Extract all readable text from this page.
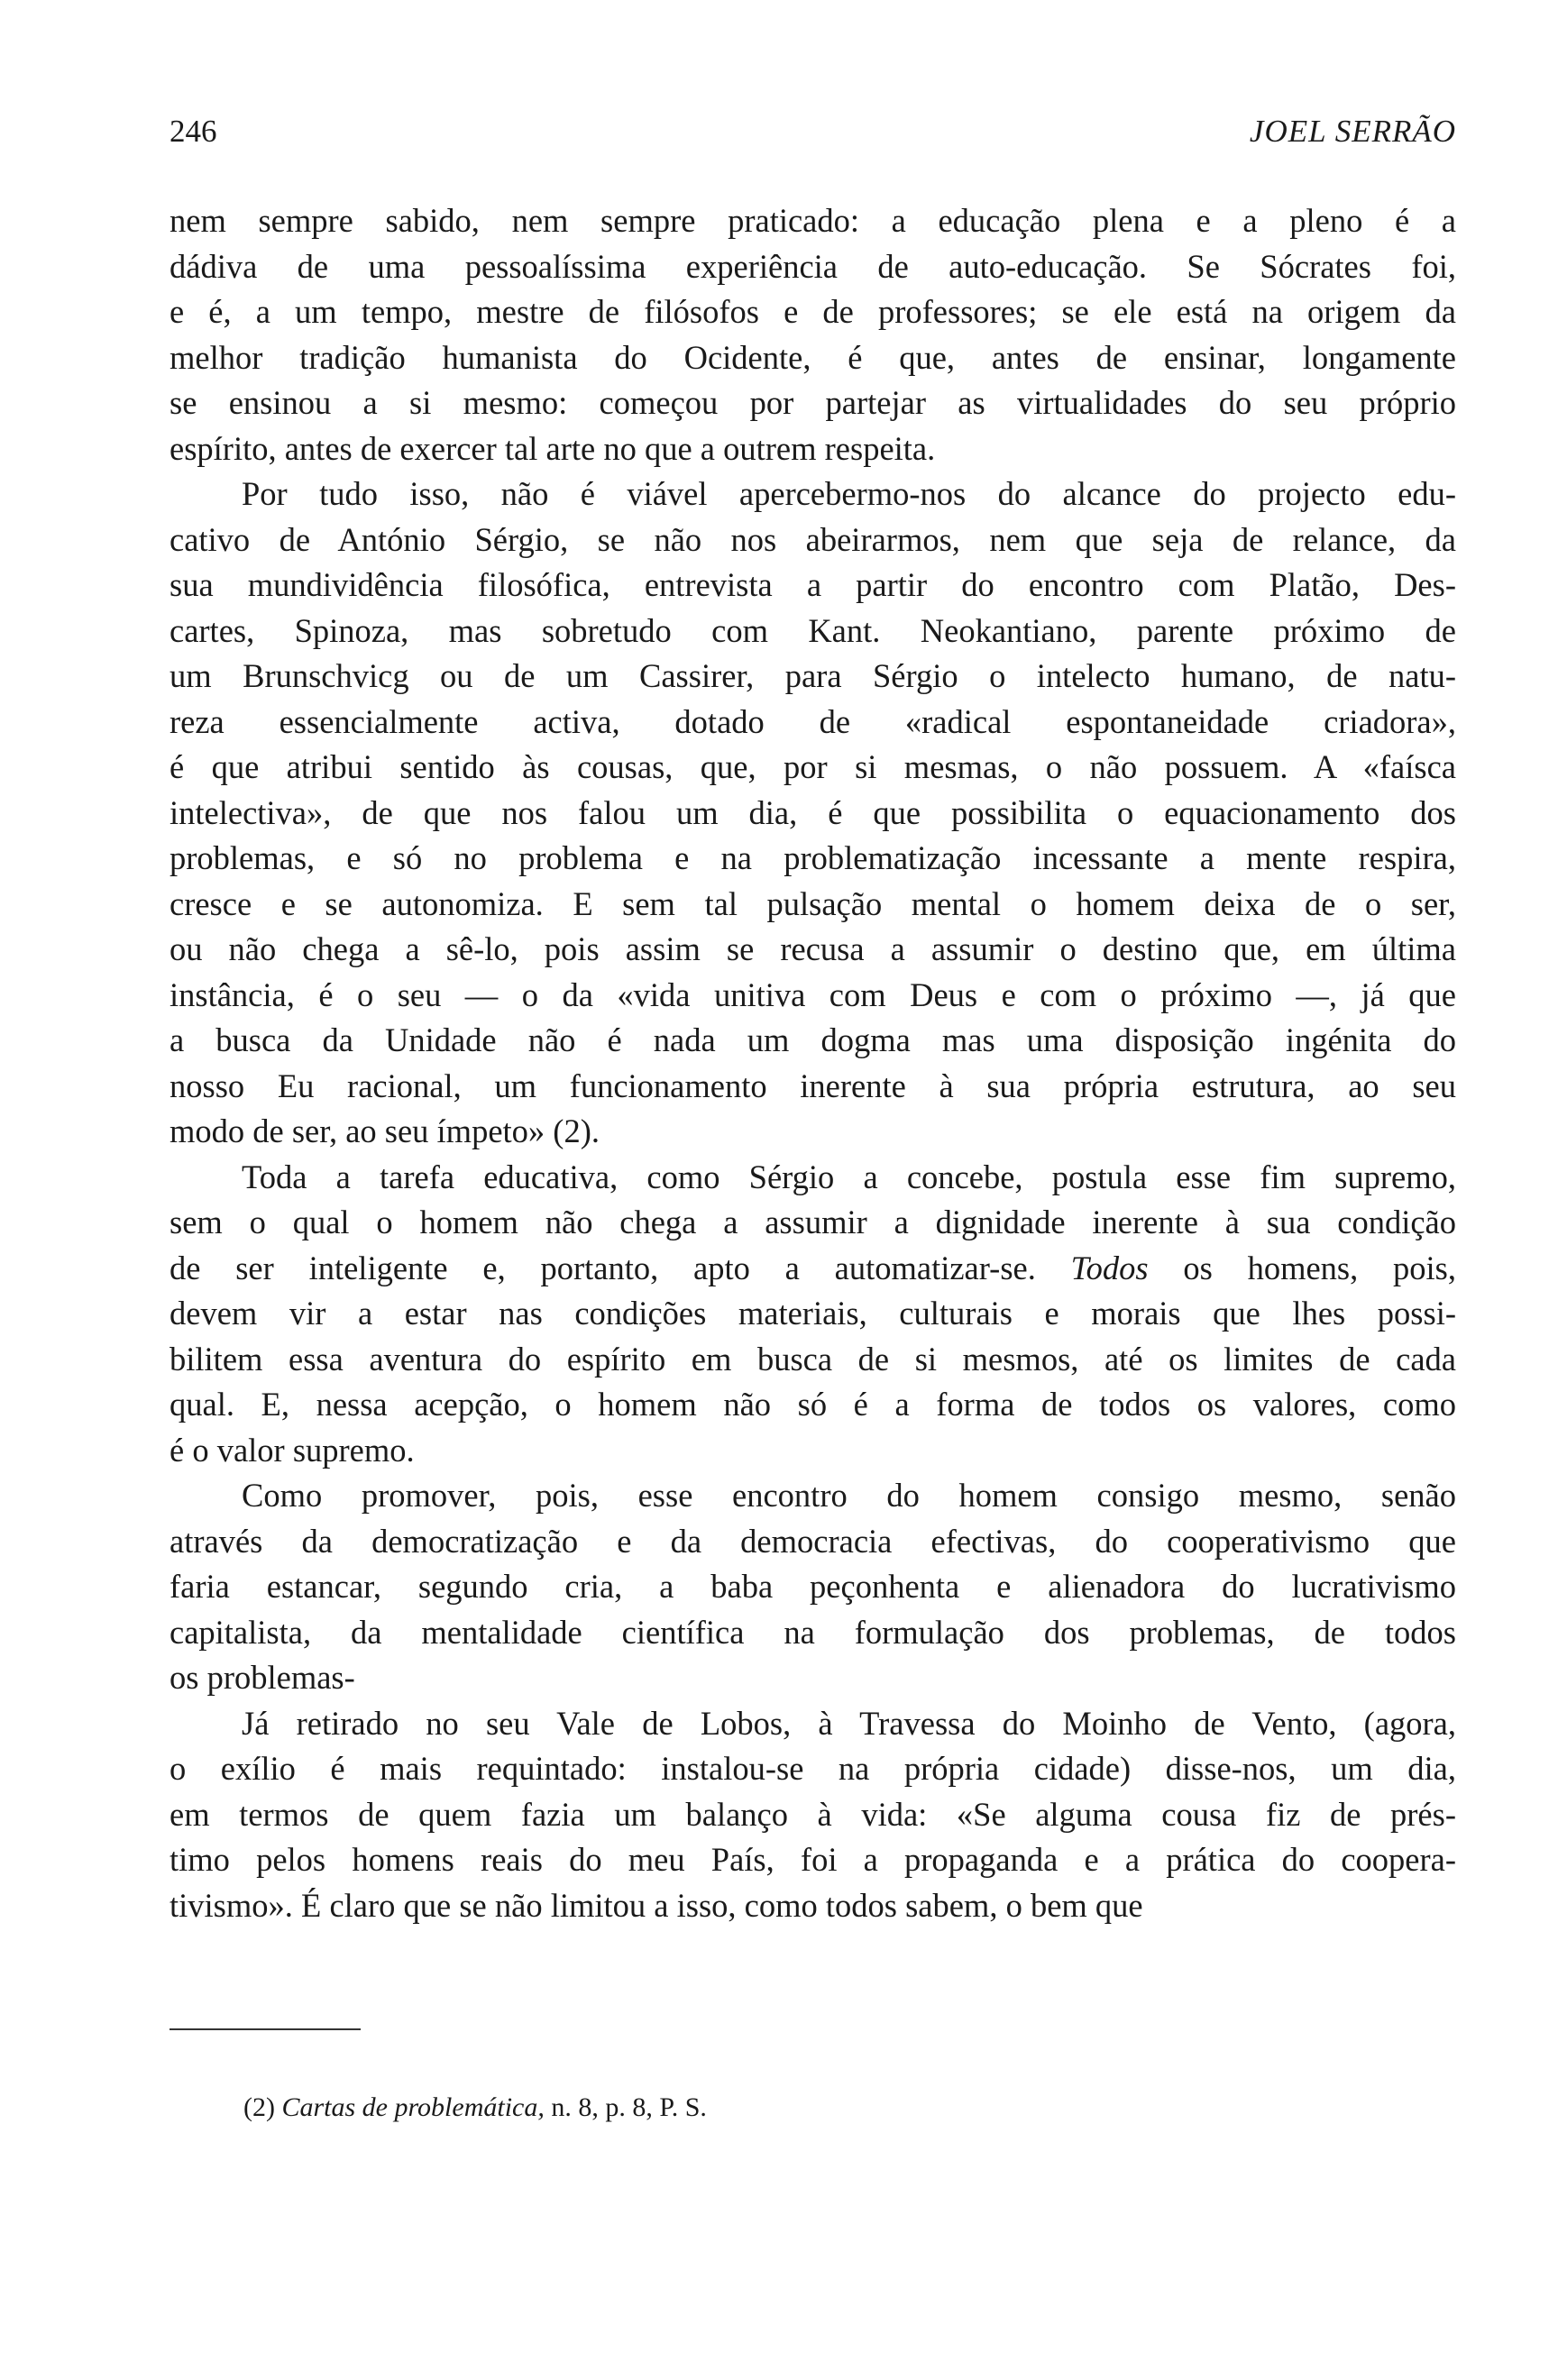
246	JOEL SERRÃO
nem sempre sabido, nem sempre praticado: a educação plena e a pleno é a
dádiva de uma pessoalíssima experiência de auto-educação. Se Sócrates foi,
e é, a um tempo, mestre de filósofos e de professores; se ele está na origem da
melhor tradição humanista do Ocidente, é que, antes de ensinar, longamente
se ensinou a si mesmo: começou por partejar as virtualidades do seu próprio
espírito, antes de exercer tal arte no que a outrem respeita.
Por tudo isso, não é viável apercebermo-nos do alcance do projecto edu-
cativo de António Sérgio, se não nos abeirarmos, nem que seja de relance, da
sua mundividência filosófica, entrevista a partir do encontro com Platão, Des-
cartes, Spinoza, mas sobretudo com Kant. Neokantiano, parente próximo de
um Brunschvicg ou de um Cassirer, para Sérgio o intelecto humano, de natu-
reza essencialmente activa, dotado de «radical espontaneidade criadora»,
é que atribui sentido às cousas, que, por si mesmas, o não possuem. A «faísca
intelectiva», de que nos falou um dia, é que possibilita o equacionamento dos
problemas, e só no problema e na problematização incessante a mente respira,
cresce e se autonomiza. E sem tal pulsação mental o homem deixa de o ser,
ou não chega a sê-lo, pois assim se recusa a assumir o destino que, em última
instância, é o seu — o da «vida unitiva com Deus e com o próximo —, já que
a busca da Unidade não é nada um dogma mas uma disposição ingénita do
nosso Eu racional, um funcionamento inerente à sua própria estrutura, ao seu
modo de ser, ao seu ímpeto» (2).
Toda a tarefa educativa, como Sérgio a concebe, postula esse fim supremo,
sem o qual o homem não chega a assumir a dignidade inerente à sua condição
de ser inteligente e, portanto, apto a automatizar-se. Todos os homens, pois,
devem vir a estar nas condições materiais, culturais e morais que lhes possi-
bilitem essa aventura do espírito em busca de si mesmos, até os limites de cada
qual. E, nessa acepção, o homem não só é a forma de todos os valores, como
é o valor supremo.
Como promover, pois, esse encontro do homem consigo mesmo, senão
através da democratização e da democracia efectivas, do cooperativismo que
faria estancar, segundo cria, a baba peçonhenta e alienadora do lucrativismo
capitalista, da mentalidade científica na formulação dos problemas, de todos
os problemas-
Já retirado no seu Vale de Lobos, à Travessa do Moinho de Vento, (agora,
o exílio é mais requintado: instalou-se na própria cidade) disse-nos, um dia,
em termos de quem fazia um balanço à vida: «Se alguma cousa fiz de prés-
timo pelos homens reais do meu País, foi a propaganda e a prática do coopera-
tivismo». É claro que se não limitou a isso, como todos sabem, o bem que
(2) Cartas de problemática, n. 8, p. 8, P. S.
